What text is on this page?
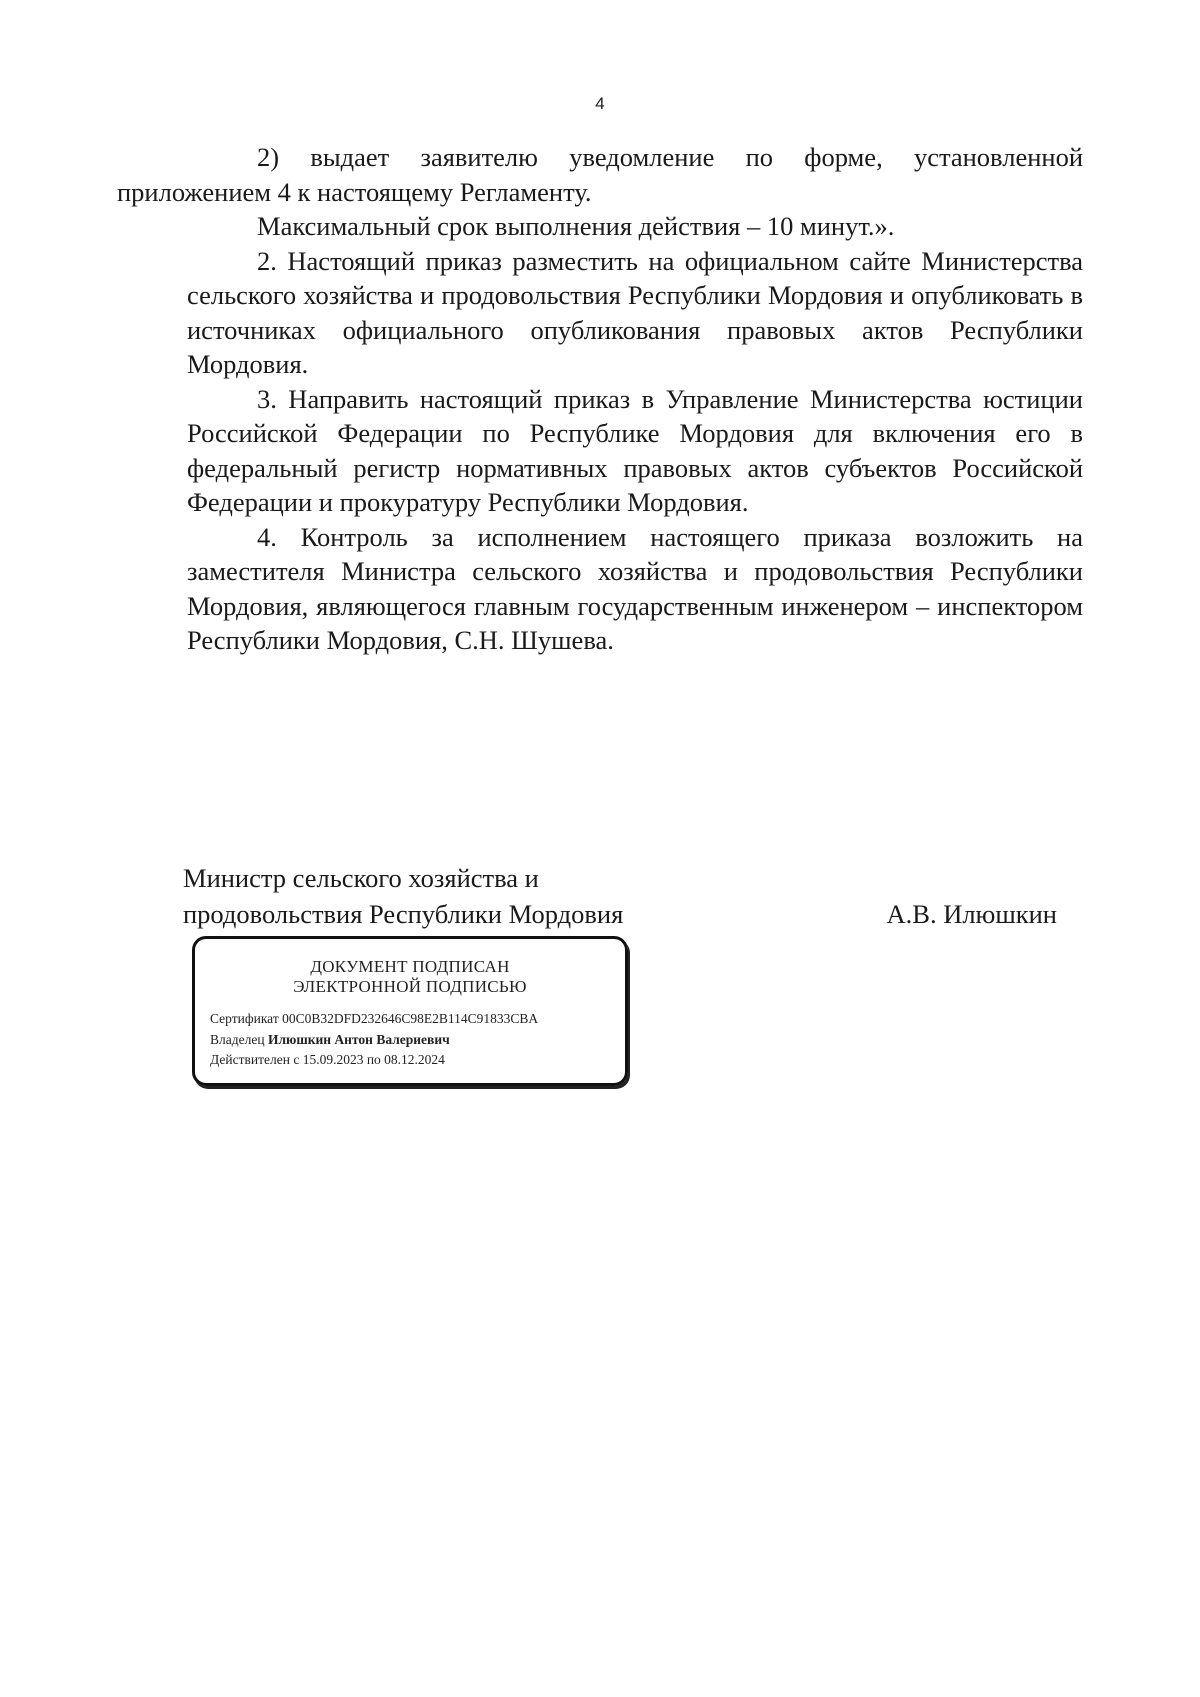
4

2)  выдает  заявителю  уведомление  по  форме,  установленной
приложением 4 к настоящему Регламенту.

Максимальный срок выполнения действия – 10 минут.».

2. Настоящий приказ разместить на официальном сайте Министерства сельского хозяйства и продовольствия Республики Мордовия и опубликовать в источниках официального опубликования правовых актов Республики Мордовия.

3. Направить настоящий приказ в Управление Министерства юстиции Российской Федерации по Республике Мордовия для включения его в федеральный регистр нормативных правовых актов субъектов Российской Федерации и прокуратуру Республики Мордовия.

4. Контроль за исполнением настоящего приказа возложить на заместителя Министра сельского хозяйства и продовольствия Республики Мордовия, являющегося главным государственным инженером – инспектором Республики Мордовия, С.Н. Шушева.

Министр сельского хозяйства и
продовольствия Республики Мордовия	А.В. Илюшкин
ДОКУМЕНТ ПОДПИСАН
ЭЛЕКТРОННОЙ ПОДПИСЬЮ
Сертификат 00C0B32DFD232646C98E2B114C91833CBA
Владелец Илюшкин Антон Валериевич
Действителен с 15.09.2023 по 08.12.2024
